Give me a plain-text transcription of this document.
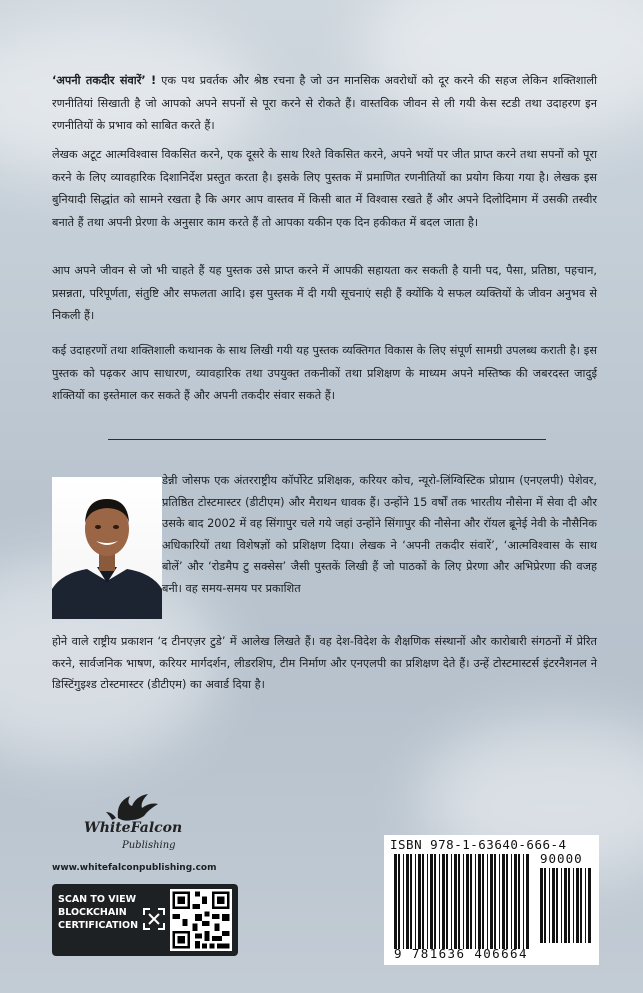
‘अपनी तकदीर संवारें’ ! एक पथ प्रवर्तक और श्रेष्ठ रचना है जो उन मानसिक अवरोधों को दूर करने की सहज लेकिन शक्तिशाली रणनीतियां सिखाती है जो आपको अपने सपनों से पूरा करने से रोकते हैं। वास्तविक जीवन से ली गयी केस स्टडी तथा उदाहरण इन रणनीतियों के प्रभाव को साबित करते हैं।

लेखक अटूट आत्मविश्वास विकसित करने, एक दूसरे के साथ रिश्ते विकसित करने, अपने भयों पर जीत प्राप्त करने तथा सपनों को पूरा करने के लिए व्यावहारिक दिशानिर्देश प्रस्तुत करता है। इसके लिए पुस्तक में प्रमाणित रणनीतियों का प्रयोग किया गया है। लेखक इस बुनियादी सिद्धांत को सामने रखता है कि अगर आप वास्तव में किसी बात में विश्वास रखते हैं और अपने दिलोदिमाग में उसकी तस्वीर बनाते हैं तथा अपनी प्रेरणा के अनुसार काम करते हैं तो आपका यकीन एक दिन हकीकत में बदल जाता है।

आप अपने जीवन से जो भी चाहते हैं यह पुस्तक उसे प्राप्त करने में आपकी सहायता कर सकती है यानी पद, पैसा, प्रतिष्ठा, पहचान, प्रसन्नता, परिपूर्णता, संतुष्टि और सफलता आदि। इस पुस्तक में दी गयी सूचनाएं सही हैं क्योंकि ये सफल व्यक्तियों के जीवन अनुभव से निकली हैं।

कई उदाहरणों तथा शक्तिशाली कथानक के साथ लिखी गयी यह पुस्तक व्यक्तिगत विकास के लिए संपूर्ण सामग्री उपलब्ध कराती है। इस पुस्तक को पढ़कर आप साधारण, व्यावहारिक तथा उपयुक्त तकनीकों तथा प्रशिक्षण के माध्यम अपने मस्तिष्क की जबरदस्त जादुई शक्तियों का इस्तेमाल कर सकते हैं और अपनी तकदीर संवार सकते हैं।

डेन्नी जोसफ एक अंतरराष्ट्रीय कॉर्पोरेट प्रशिक्षक, करियर कोच, न्यूरो-लिंग्विस्टिक प्रोग्राम (एनएलपी) पेशेवर, प्रतिष्ठित टोस्टमास्टर (डीटीएम) और मैराथन धावक हैं। उन्होंने 15 वर्षों तक भारतीय नौसेना में सेवा दी और उसके बाद 2002 में वह सिंगापुर चले गये जहां उन्होंने सिंगापुर की नौसेना और रॉयल ब्रूनेई नेवी के नौसैनिक अधिकारियों तथा विशेषज्ञों को प्रशिक्षण दिया। लेखक ने ‘अपनी तकदीर संवारें’, ‘आत्मविश्वास के साथ बोलें’ और ‘रोडमैप टु सक्सेस’ जैसी पुस्तकें लिखी हैं जो पाठकों के लिए प्रेरणा और अभिप्रेरणा की वजह बनी। वह समय-समय पर प्रकाशित

होने वाले राष्ट्रीय प्रकाशन ‘द टीनएज़र टुडे’ में आलेख लिखते हैं। वह देश-विदेश के शैक्षणिक संस्थानों और कारोबारी संगठनों में प्रेरित करने, सार्वजनिक भाषण, करियर मार्गदर्शन, लीडरशिप, टीम निर्माण और एनएलपी का प्रशिक्षण देते हैं। उन्हें टोस्टमास्टर्स इंटरनैशनल ने डिस्टिंगुइश्ड टोस्टमास्टर (डीटीएम) का अवार्ड दिया है।

WhiteFalcon
Publishing
www.whitefalconpublishing.com
SCAN TO VIEW
BLOCKCHAIN
CERTIFICATION
ISBN 978-1-63640-666-4
90000
9 781636 406664
